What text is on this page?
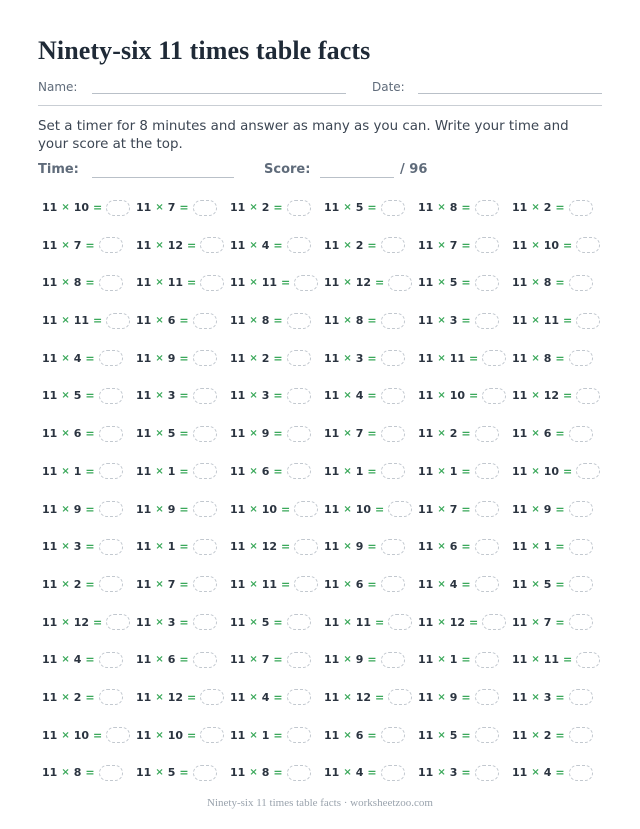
Ninety-six 11 times table facts
Name:	Date:
Set a timer for 8 minutes and answer as many as you can. Write your time and your score at the top.
Time:	Score:	/ 96
11 × 10 =	11 × 7 =	11 × 2 =	11 × 5 =	11 × 8 =	11 × 2 =
11 × 7 =	11 × 12 =	11 × 4 =	11 × 2 =	11 × 7 =	11 × 10 =
11 × 8 =	11 × 11 =	11 × 11 =	11 × 12 =	11 × 5 =	11 × 8 =
11 × 11 =	11 × 6 =	11 × 8 =	11 × 8 =	11 × 3 =	11 × 11 =
11 × 4 =	11 × 9 =	11 × 2 =	11 × 3 =	11 × 11 =	11 × 8 =
11 × 5 =	11 × 3 =	11 × 3 =	11 × 4 =	11 × 10 =	11 × 12 =
11 × 6 =	11 × 5 =	11 × 9 =	11 × 7 =	11 × 2 =	11 × 6 =
11 × 1 =	11 × 1 =	11 × 6 =	11 × 1 =	11 × 1 =	11 × 10 =
11 × 9 =	11 × 9 =	11 × 10 =	11 × 10 =	11 × 7 =	11 × 9 =
11 × 3 =	11 × 1 =	11 × 12 =	11 × 9 =	11 × 6 =	11 × 1 =
11 × 2 =	11 × 7 =	11 × 11 =	11 × 6 =	11 × 4 =	11 × 5 =
11 × 12 =	11 × 3 =	11 × 5 =	11 × 11 =	11 × 12 =	11 × 7 =
11 × 4 =	11 × 6 =	11 × 7 =	11 × 9 =	11 × 1 =	11 × 11 =
11 × 2 =	11 × 12 =	11 × 4 =	11 × 12 =	11 × 9 =	11 × 3 =
11 × 10 =	11 × 10 =	11 × 1 =	11 × 6 =	11 × 5 =	11 × 2 =
11 × 8 =	11 × 5 =	11 × 8 =	11 × 4 =	11 × 3 =	11 × 4 =
Ninety-six 11 times table facts · worksheetzoo.com
